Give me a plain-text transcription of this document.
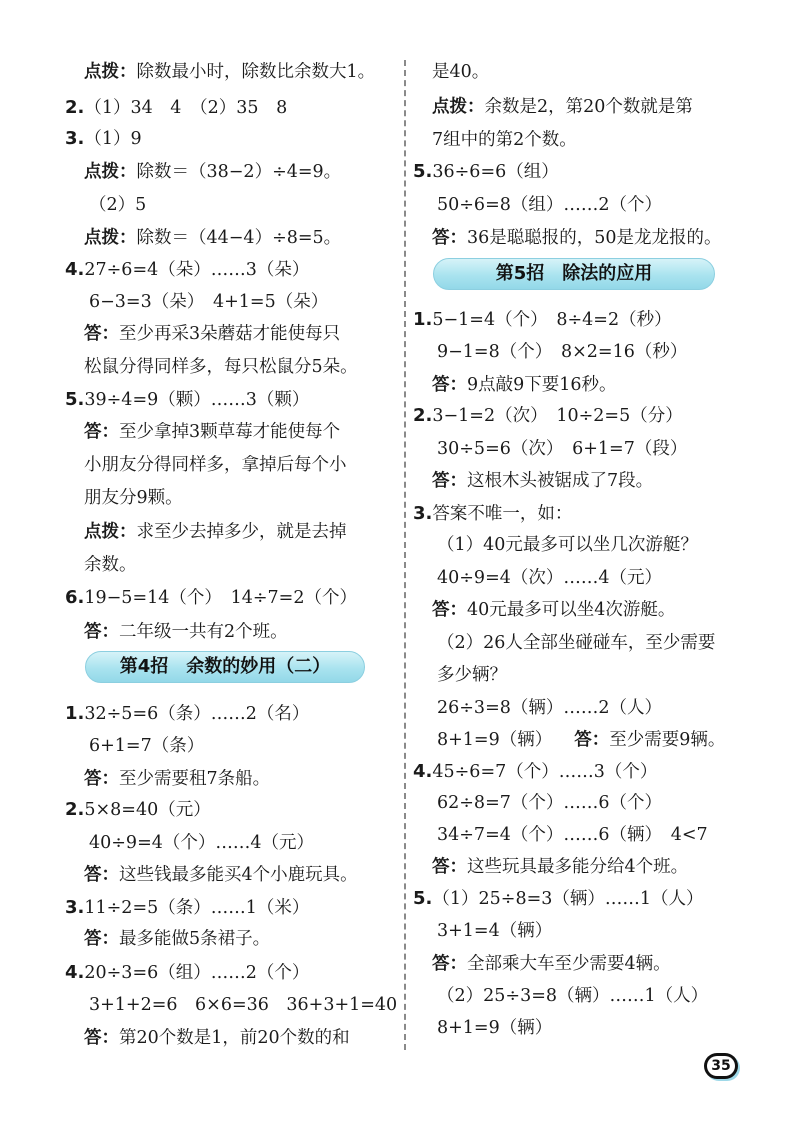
点拨：除数最小时，除数比余数大1。
2.（1）34　4　（2）35　8
3.（1）9
点拨：除数＝（38−2）÷4=9。
（2）5
点拨：除数＝（44−4）÷8=5。
4.27÷6=4（朵）……3（朵）
6−3=3（朵）　4+1=5（朵）
答：至少再采3朵蘑菇才能使每只
松鼠分得同样多，每只松鼠分5朵。
5.39÷4=9（颗）……3（颗）
答：至少拿掉3颗草莓才能使每个
小朋友分得同样多，拿掉后每个小
朋友分9颗。
点拨：求至少去掉多少，就是去掉
余数。
6.19−5=14（个）　14÷7=2（个）
答：二年级一共有2个班。
第4招 余数的妙用（二）
1.32÷5=6（条）……2（名）
6+1=7（条）
答：至少需要租7条船。
2.5×8=40（元）
40÷9=4（个）……4（元）
答：这些钱最多能买4个小鹿玩具。
3.11÷2=5（条）……1（米）
答：最多能做5条裙子。
4.20÷3=6（组）……2（个）
3+1+2=6　6×6=36　36+3+1=40
答：第20个数是1，前20个数的和
是40。
点拨：余数是2，第20个数就是第
7组中的第2个数。
5.36÷6=6（组）
50÷6=8（组）……2（个）
答：36是聪聪报的，50是龙龙报的。
第5招 除法的应用
1.5−1=4（个）　8÷4=2（秒）
9−1=8（个）　8×2=16（秒）
答：9点敲9下要16秒。
2.3−1=2（次）　10÷2=5（分）
30÷5=6（次）　6+1=7（段）
答：这根木头被锯成了7段。
3.答案不唯一，如：
（1）40元最多可以坐几次游艇？
40÷9=4（次）……4（元）
答：40元最多可以坐4次游艇。
（2）26人全部坐碰碰车，至少需要
多少辆？
26÷3=8（辆）……2（人）
8+1=9（辆） 答：至少需要9辆。
4.45÷6=7（个）……3（个）
62÷8=7（个）……6（个）
34÷7=4（个）……6（辆）　4<7
答：这些玩具最多能分给4个班。
5.（1）25÷8=3（辆）……1（人）
3+1=4（辆）
答：全部乘大车至少需要4辆。
（2）25÷3=8（辆）……1（人）
8+1=9（辆）
35
